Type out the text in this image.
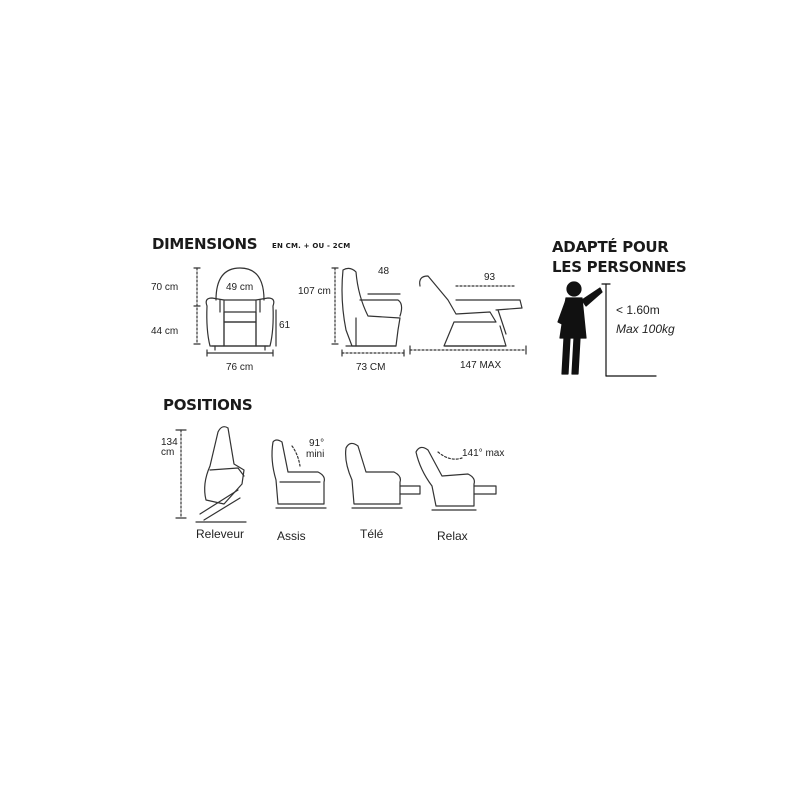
DIMENSIONS EN CM. + OU - 2CM
70 cm
44 cm
49 cm
61
76 cm
107 cm
48
73 CM
93
147 MAX
ADAPTÉ POUR
LES PERSONNES
< 1.60m
Max 100kg
POSITIONS
134
cm
91°
mini	141° max
Releveur	Assis	Télé	Relax
